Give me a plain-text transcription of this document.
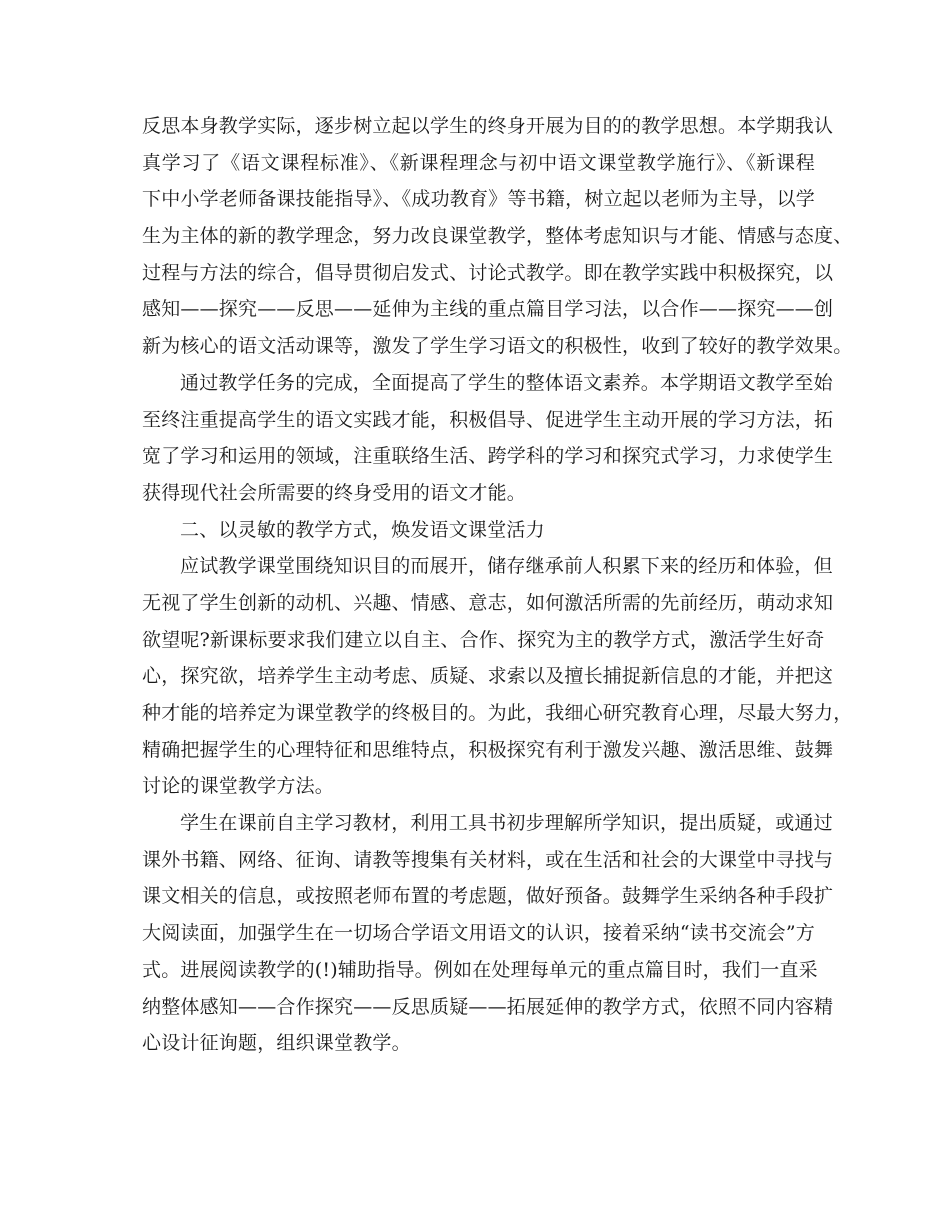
反思本身教学实际，逐步树立起以学生的终身开展为目的的教学思想。本学期我认
真学习了《语文课程标准》、《新课程理念与初中语文课堂教学施行》、《新课程
下中小学老师备课技能指导》、《成功教育》等书籍，树立起以老师为主导，以学
生为主体的新的教学理念，努力改良课堂教学，整体考虑知识与才能、情感与态度、
过程与方法的综合，倡导贯彻启发式、讨论式教学。即在教学实践中积极探究，以
感知——探究——反思——延伸为主线的重点篇目学习法，以合作——探究——创
新为核心的语文活动课等，激发了学生学习语文的积极性，收到了较好的教学效果。
通过教学任务的完成，全面提高了学生的整体语文素养。本学期语文教学至始
至终注重提高学生的语文实践才能，积极倡导、促进学生主动开展的学习方法，拓
宽了学习和运用的领域，注重联络生活、跨学科的学习和探究式学习，力求使学生
获得现代社会所需要的终身受用的语文才能。
二、以灵敏的教学方式，焕发语文课堂活力
应试教学课堂围绕知识目的而展开，储存继承前人积累下来的经历和体验，但
无视了学生创新的动机、兴趣、情感、意志，如何激活所需的先前经历，萌动求知
欲望呢?新课标要求我们建立以自主、合作、探究为主的教学方式，激活学生好奇
心，探究欲，培养学生主动考虑、质疑、求索以及擅长捕捉新信息的才能，并把这
种才能的培养定为课堂教学的终极目的。为此，我细心研究教育心理，尽最大努力，
精确把握学生的心理特征和思维特点，积极探究有利于激发兴趣、激活思维、鼓舞
讨论的课堂教学方法。
学生在课前自主学习教材，利用工具书初步理解所学知识，提出质疑，或通过
课外书籍、网络、征询、请教等搜集有关材料，或在生活和社会的大课堂中寻找与
课文相关的信息，或按照老师布置的考虑题，做好预备。鼓舞学生采纳各种手段扩
大阅读面，加强学生在一切场合学语文用语文的认识，接着采纳“读书交流会”方
式。进展阅读教学的(!)辅助指导。例如在处理每单元的重点篇目时，我们一直采
纳整体感知——合作探究——反思质疑——拓展延伸的教学方式，依照不同内容精
心设计征询题，组织课堂教学。
